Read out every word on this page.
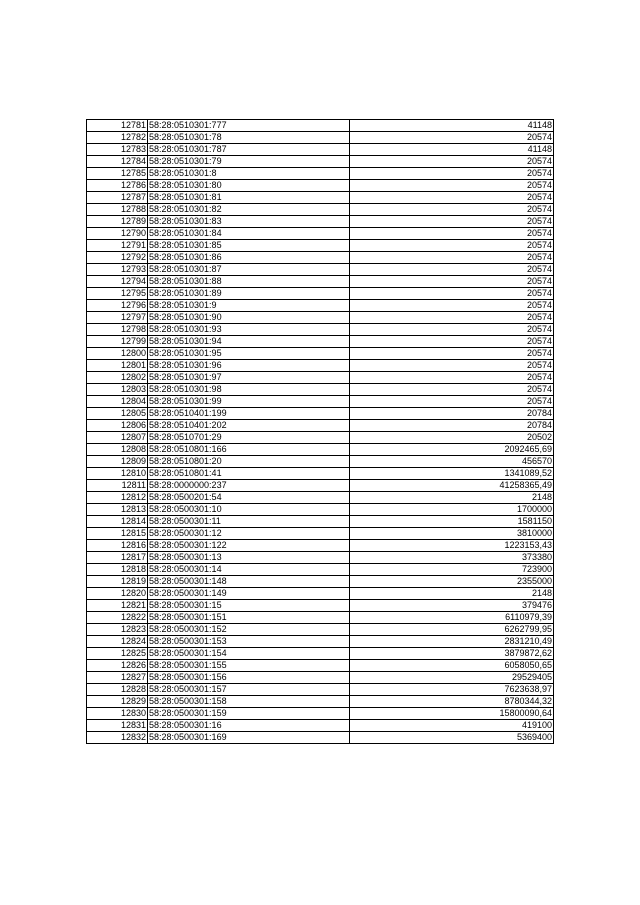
12781	58:28:0510301:777	41148
12782	58:28:0510301:78	20574
12783	58:28:0510301:787	41148
12784	58:28:0510301:79	20574
12785	58:28:0510301:8	20574
12786	58:28:0510301:80	20574
12787	58:28:0510301:81	20574
12788	58:28:0510301:82	20574
12789	58:28:0510301:83	20574
12790	58:28:0510301:84	20574
12791	58:28:0510301:85	20574
12792	58:28:0510301:86	20574
12793	58:28:0510301:87	20574
12794	58:28:0510301:88	20574
12795	58:28:0510301:89	20574
12796	58:28:0510301:9	20574
12797	58:28:0510301:90	20574
12798	58:28:0510301:93	20574
12799	58:28:0510301:94	20574
12800	58:28:0510301:95	20574
12801	58:28:0510301:96	20574
12802	58:28:0510301:97	20574
12803	58:28:0510301:98	20574
12804	58:28:0510301:99	20574
12805	58:28:0510401:199	20784
12806	58:28:0510401:202	20784
12807	58:28:0510701:29	20502
12808	58:28:0510801:166	2092465,69
12809	58:28:0510801:20	456570
12810	58:28:0510801:41	1341089,52
12811	58:28:0000000:237	41258365,49
12812	58:28:0500201:54	2148
12813	58:28:0500301:10	1700000
12814	58:28:0500301:11	1581150
12815	58:28:0500301:12	3810000
12816	58:28:0500301:122	1223153,43
12817	58:28:0500301:13	373380
12818	58:28:0500301:14	723900
12819	58:28:0500301:148	2355000
12820	58:28:0500301:149	2148
12821	58:28:0500301:15	379476
12822	58:28:0500301:151	6110979,39
12823	58:28:0500301:152	6262799,95
12824	58:28:0500301:153	2831210,49
12825	58:28:0500301:154	3879872,62
12826	58:28:0500301:155	6058050,65
12827	58:28:0500301:156	29529405
12828	58:28:0500301:157	7623638,97
12829	58:28:0500301:158	8780344,32
12830	58:28:0500301:159	15800090,64
12831	58:28:0500301:16	419100
12832	58:28:0500301:169	5369400
